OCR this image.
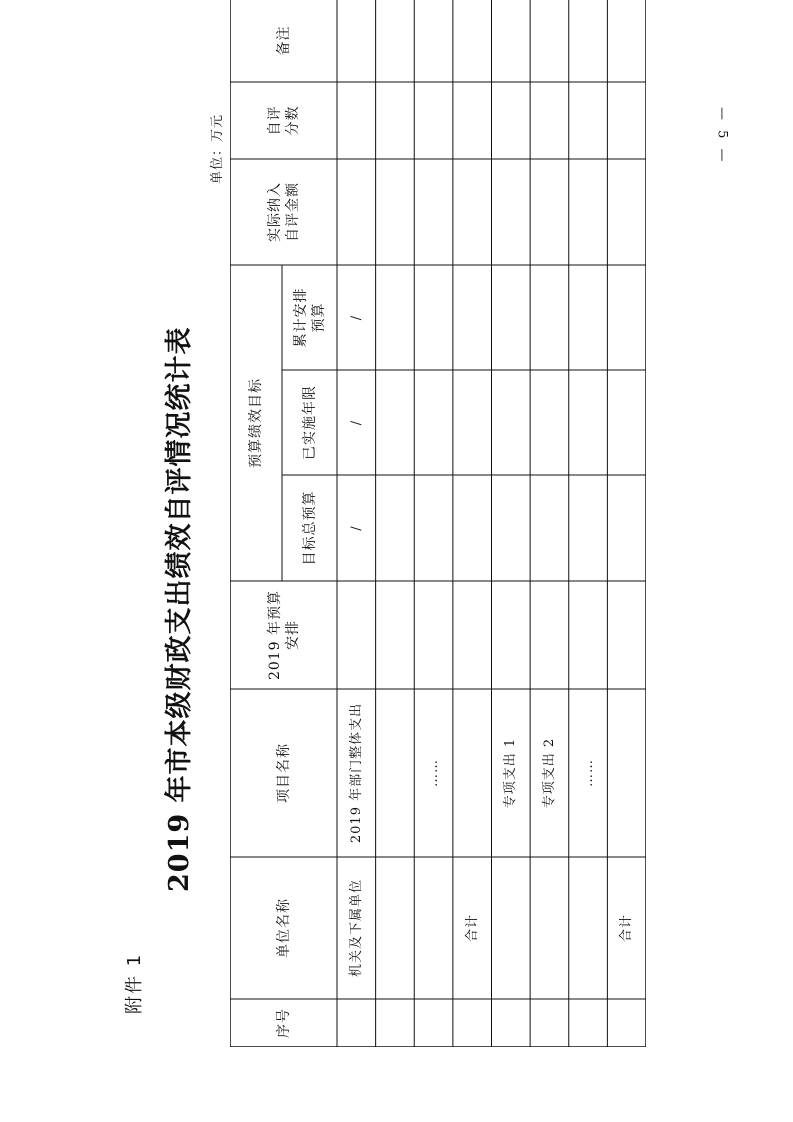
附件 1
2019 年市本级财政支出绩效自评情况统计表
单位：万元
序号
单位名称
项目名称
2019 年预算 安排
预算绩效目标
目标总预算
已实施年限
累计安排 预算
实际纳入 自评金额
自评 分数
备注
机关及下属单位
2019 年部门整体支出
/
/
/
……
合计
专项支出 1	专项支出 2	……
合计
— 5 —
